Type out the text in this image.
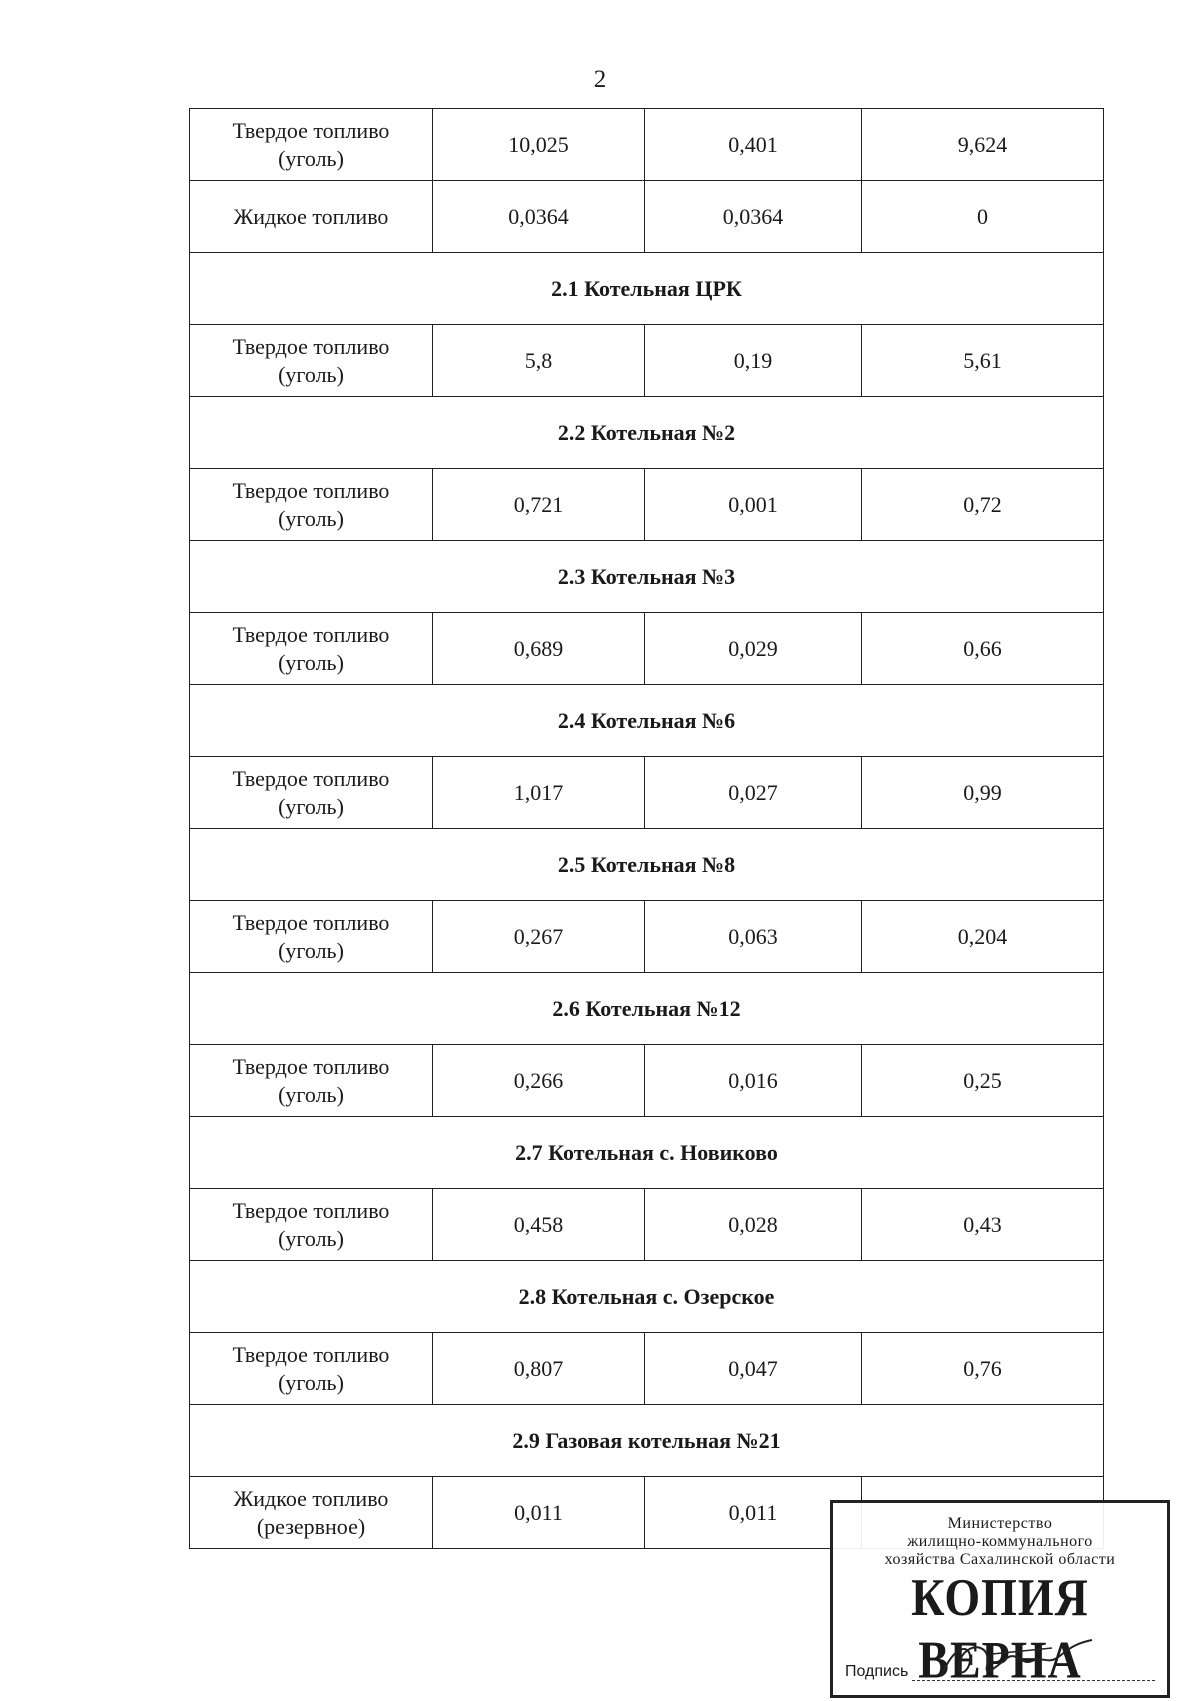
2
Твердое топливо
(уголь)	10,025	0,401	9,624
Жидкое топливо	0,0364	0,0364	0
2.1 Котельная ЦРК			
Твердое топливо
(уголь)	5,8	0,19	5,61
2.2 Котельная №2			
Твердое топливо
(уголь)	0,721	0,001	0,72
2.3 Котельная №3			
Твердое топливо
(уголь)	0,689	0,029	0,66
2.4 Котельная №6			
Твердое топливо
(уголь)	1,017	0,027	0,99
2.5 Котельная №8			
Твердое топливо
(уголь)	0,267	0,063	0,204
2.6 Котельная №12			
Твердое топливо
(уголь)	0,266	0,016	0,25
2.7 Котельная с. Новиково			
Твердое топливо
(уголь)	0,458	0,028	0,43
2.8 Котельная с. Озерское			
Твердое топливо
(уголь)	0,807	0,047	0,76
2.9 Газовая котельная №21			
Жидкое топливо
(резервное)	0,011	0,011		Министерство
жилищно-коммунального
хозяйства Сахалинской области
КОПИЯ ВЕРНА
Подпись
